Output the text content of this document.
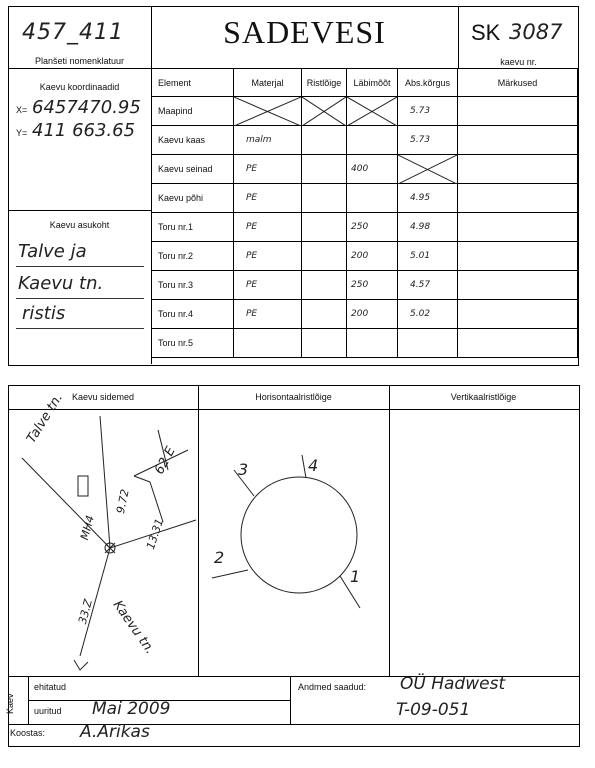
457_411
Planšeti nomenklatuur
SADEVESI	SK 3087
kaevu nr.
Kaevu koordinaadid
X= 6457470.95
Y= 411 663.65
Kaevu asukoht
Talve ja
Kaevu tn.
ristis
Element	Materjal	Ristlõige	Läbimõõt	Abs.kõrgus	Märkused
Maapind				5.73	
Kaevu kaas	malm			5.73	
Kaevu seinad	PE		400	

Kaevu põhi	PE			4.95	
Toru nr.1	PE		250	4.98	
Toru nr.2	PE		200	5.01	
Toru nr.3	PE		250	4.57	
Toru nr.4	PE		200	5.02	
Toru nr.5					
Kaevu sidemed	Horisontaalristlõige	Vertikaalristlõige
Talve tn.
62 E
9.72
MH4	13.31
33.Z Kaevu tn.
3	4
2
1
Kaev
ehitatud
uuritud Mai 2009
Andmed saadud: OÜ Hadwest
T-09-051
Koostas: A.Arikas
